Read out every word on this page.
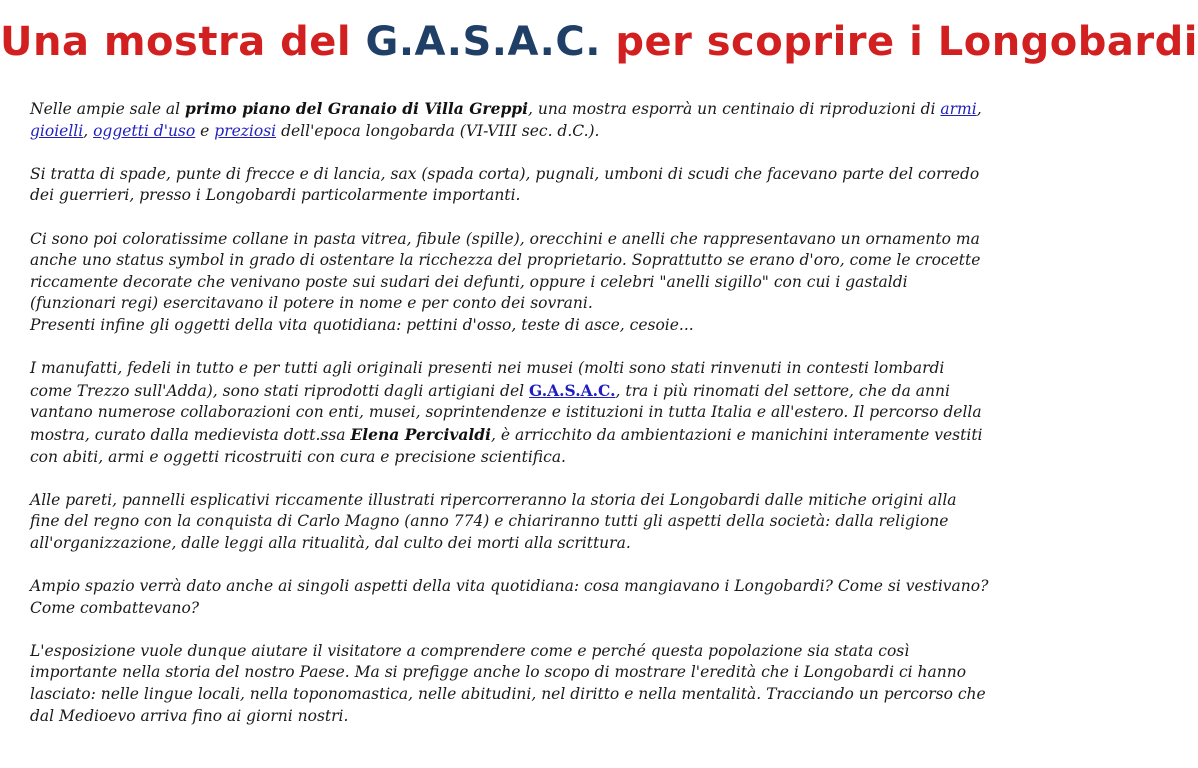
Una mostra del G.A.S.A.C. per scoprire i Longobardi

Nelle ampie sale al primo piano del Granaio di Villa Greppi, una mostra esporrà un centinaio di riproduzioni di armi, gioielli, oggetti d'uso e preziosi dell'epoca longobarda (VI-VIII sec. d.C.).

Si tratta di spade, punte di frecce e di lancia, sax (spada corta), pugnali, umboni di scudi che facevano parte del corredo dei guerrieri, presso i Longobardi particolarmente importanti.

Ci sono poi coloratissime collane in pasta vitrea, fibule (spille), orecchini e anelli che rappresentavano un ornamento ma anche uno status symbol in grado di ostentare la ricchezza del proprietario. Soprattutto se erano d'oro, come le crocette riccamente decorate che venivano poste sui sudari dei defunti, oppure i celebri "anelli sigillo" con cui i gastaldi (funzionari regi) esercitavano il potere in nome e per conto dei sovrani.

Presenti infine gli oggetti della vita quotidiana: pettini d'osso, teste di asce, cesoie...

I manufatti, fedeli in tutto e per tutti agli originali presenti nei musei (molti sono stati rinvenuti in contesti lombardi come Trezzo sull'Adda), sono stati riprodotti dagli artigiani del G.A.S.A.C., tra i più rinomati del settore, che da anni vantano numerose collaborazioni con enti, musei, soprintendenze e istituzioni in tutta Italia e all'estero. Il percorso della mostra, curato dalla medievista dott.ssa Elena Percivaldi, è arricchito da ambientazioni e manichini interamente vestiti con abiti, armi e oggetti ricostruiti con cura e precisione scientifica.

Alle pareti, pannelli esplicativi riccamente illustrati ripercorreranno la storia dei Longobardi dalle mitiche origini alla fine del regno con la conquista di Carlo Magno (anno 774) e chiariranno tutti gli aspetti della società: dalla religione all'organizzazione, dalle leggi alla ritualità, dal culto dei morti alla scrittura.

Ampio spazio verrà dato anche ai singoli aspetti della vita quotidiana: cosa mangiavano i Longobardi? Come si vestivano? Come combattevano?

L'esposizione vuole dunque aiutare il visitatore a comprendere come e perché questa popolazione sia stata così importante nella storia del nostro Paese. Ma si prefigge anche lo scopo di mostrare l'eredità che i Longobardi ci hanno lasciato: nelle lingue locali, nella toponomastica, nelle abitudini, nel diritto e nella mentalità. Tracciando un percorso che dal Medioevo arriva fino ai giorni nostri.
